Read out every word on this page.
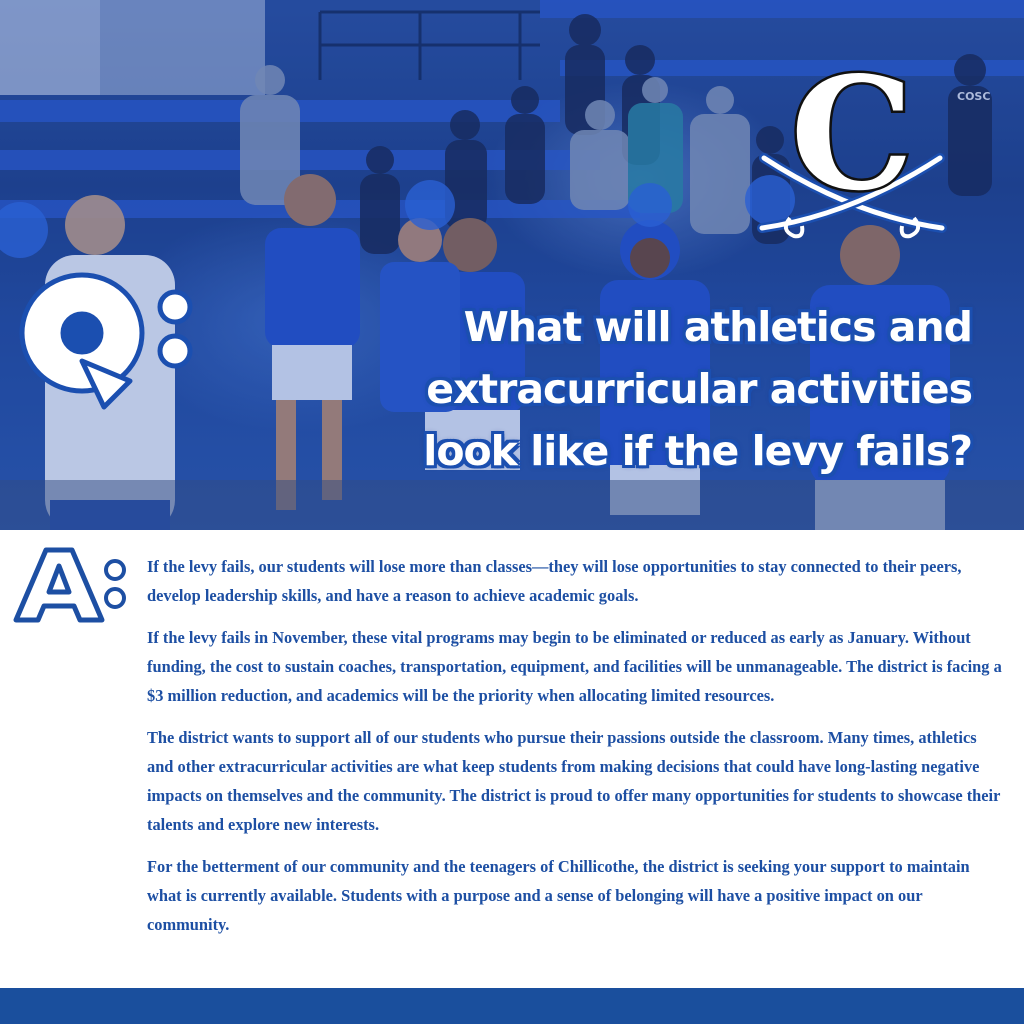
COSC
C
What will athletics and
extracurricular activities
look like if the levy fails?

If the levy fails, our students will lose more than classes—they will lose opportunities to stay connected to their peers, develop leadership skills, and have a reason to achieve academic goals.

If the levy fails in November, these vital programs may begin to be eliminated or reduced as early as January. Without funding, the cost to sustain coaches, transportation, equipment, and facilities will be unmanageable. The district is facing a $3 million reduction, and academics will be the priority when allocating limited resources.

The district wants to support all of our students who pursue their passions outside the classroom. Many times, athletics and other extracurricular activities are what keep students from making decisions that could have long-lasting negative impacts on themselves and the community. The district is proud to offer many opportunities for students to showcase their talents and explore new interests.

For the betterment of our community and the teenagers of Chillicothe, the district is seeking your support to maintain what is currently available. Students with a purpose and a sense of belonging will have a positive impact on our community.
